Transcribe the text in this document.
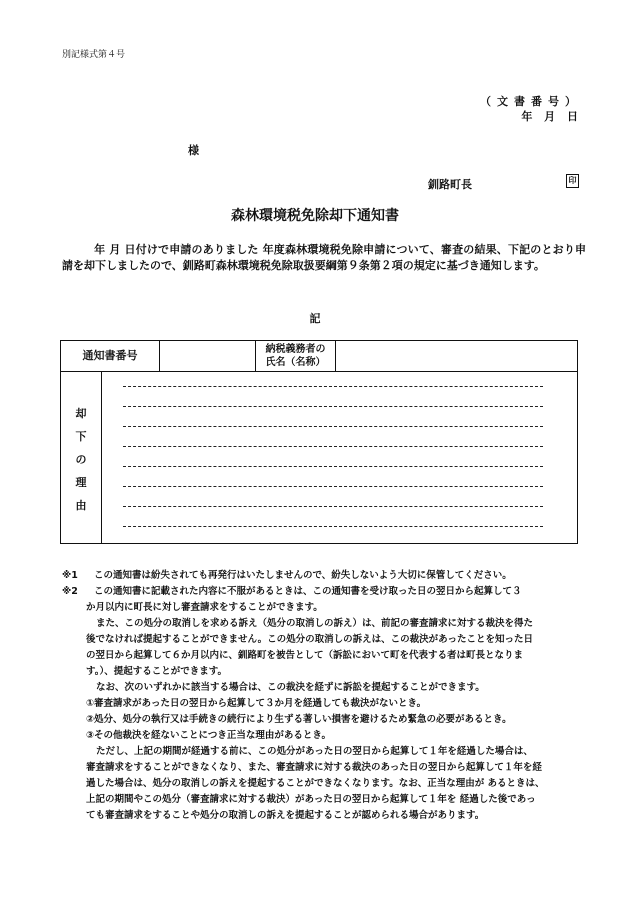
別記様式第４号
（文書番号）
年 月 日
様
釧路町長	印
森林環境税免除却下通知書
年 月 日付けで申請のありました 年度森林環境税免除申請について、審査の結果、下記のとおり申請を却下しましたので、釧路町森林環境税免除取扱要綱第９条第２項の規定に基づき通知します。
記
通知書番号	納税義務者の
氏名（名称）
却
下
の
理
由
※1 この通知書は紛失されても再発行はいたしませんので、紛失しないよう大切に保管してください。
※2 この通知書に記載された内容に不服があるときは、この通知書を受け取った日の翌日から起算して３
か月以内に町長に対し審査請求をすることができます。
また、この処分の取消しを求める訴え（処分の取消しの訴え）は、前記の審査請求に対する裁決を得た
後でなければ提起することができません。この処分の取消しの訴えは、この裁決があったことを知った日
の翌日から起算して６か月以内に、釧路町を被告として（訴訟において町を代表する者は町長となりま
す。）、提起することができます。
なお、次のいずれかに該当する場合は、この裁決を経ずに訴訟を提起することができます。
①審査請求があった日の翌日から起算して３か月を経過しても裁決がないとき。
②処分、処分の執行又は手続きの続行により生ずる著しい損害を避けるため緊急の必要があるとき。
③その他裁決を経ないことにつき正当な理由があるとき。
ただし、上記の期間が経過する前に、この処分があった日の翌日から起算して１年を経過した場合は、
審査請求をすることができなくなり、また、審査請求に対する裁決のあった日の翌日から起算して１年を経
過した場合は、処分の取消しの訴えを提起することができなくなります。なお、正当な理由が あるときは、
上記の期間やこの処分（審査請求に対する裁決）があった日の翌日から起算して１年を 経過した後であっ
ても審査請求をすることや処分の取消しの訴えを提起することが認められる場合があります。
